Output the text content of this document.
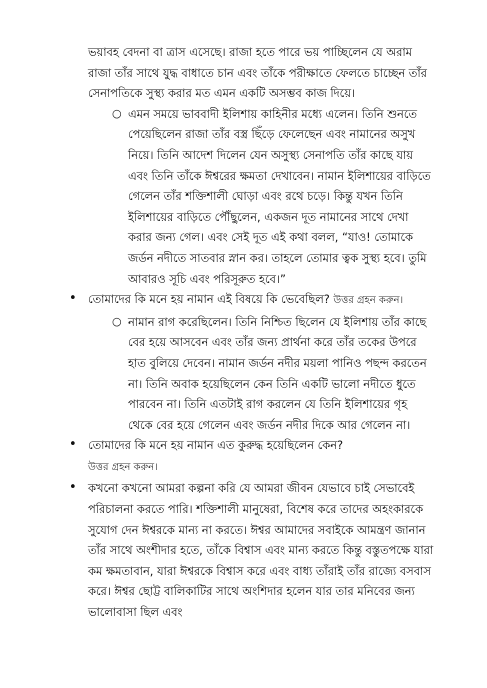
ভয়াবহ বেদনা বা ত্রাস এসেছে। রাজা হতে পারে ভয় পাচ্ছিলেন যে অরাম রাজা তাঁর সাথে যুদ্ধ বাধাতে চান এবং তাঁকে পরীক্ষাতে ফেলতে চাচ্ছেন তাঁর সেনাপতিকে সুস্থ্য করার মত এমন একটি অসম্ভব কাজ দিয়ে।

○ এমন সময়ে ভাববাদী ইলিশায় কাহিনীর মধ্যে এলেন। তিনি শুনতে পেয়েছিলেন রাজা তাঁর বস্ত্র ছিঁড়ে ফেলেছেন এবং নামানের অসুখ নিয়ে। তিনি আদেশ দিলেন যেন অসুস্থ্য সেনাপতি তাঁর কাছে যায় এবং তিনি তাঁকে ঈশ্বরের ক্ষমতা দেখাবেন। নামান ইলিশায়ের বাড়িতে গেলেন তাঁর শক্তিশালী ঘোড়া এবং রথে চড়ে। কিন্তু যখন তিনি ইলিশায়ের বাড়িতে পৌঁছুলেন, একজন দূত নামানের সাথে দেখা করার জন্য গেল। এবং সেই দূত এই কথা বলল, “যাও! তোমাকে জর্ডন নদীতে সাতবার স্নান কর। তাহলে তোমার ত্বক সুস্থ্য হবে। তুমি আবারও সূচি এবং পরিসূরুত হবে।”

• তোমাদের কি মনে হয় নামান এই বিষয়ে কি ভেবেছিল? উত্তর গ্রহন করুন।

○ নামান রাগ করেছিলেন। তিনি নিশ্চিত ছিলেন যে ইলিশায় তাঁর কাছে বের হয়ে আসবেন এবং তাঁর জন্য প্রার্থনা করে তাঁর তকের উপরে হাত বুলিয়ে দেবেন। নামান জর্ডন নদীর ময়লা পানিও পছন্দ করতেন না। তিনি অবাক হয়েছিলেন কেন তিনি একটি ভালো নদীতে ধুতে পারবেন না। তিনি এতটাই রাগ করলেন যে তিনি ইলিশায়ের গৃহ থেকে বের হয়ে গেলেন এবং জর্ডন নদীর দিকে আর গেলেন না।

• তোমাদের কি মনে হয় নামান এত কুরুদ্ধ হয়েছিলেন কেন?
উত্তর গ্রহন করুন।

• কখনো কখনো আমরা কল্পনা করি যে আমরা জীবন যেভাবে চাই সেভাবেই পরিচালনা করতে পারি। শক্তিশালী মানুষেরা, বিশেষ করে তাদের অহংকারকে সুযোগ দেন ঈশ্বরকে মান্য না করতে। ঈশ্বর আমাদের সবাইকে আমন্ত্রণ জানান তাঁর সাথে অংশীদার হতে, তাঁকে বিশ্বাস এবং মান্য করতে কিন্তু বস্তুতপক্ষে যারা কম ক্ষমতাবান, যারা ঈশ্বরকে বিশ্বাস করে এবং বাধ্য তাঁরাই তাঁর রাজ্যে বসবাস করে। ঈশ্বর ছোট্ট বালিকাটির সাথে অংশিদার হলেন যার তার মনিবের জন্য ভালোবাসা ছিল এবং
